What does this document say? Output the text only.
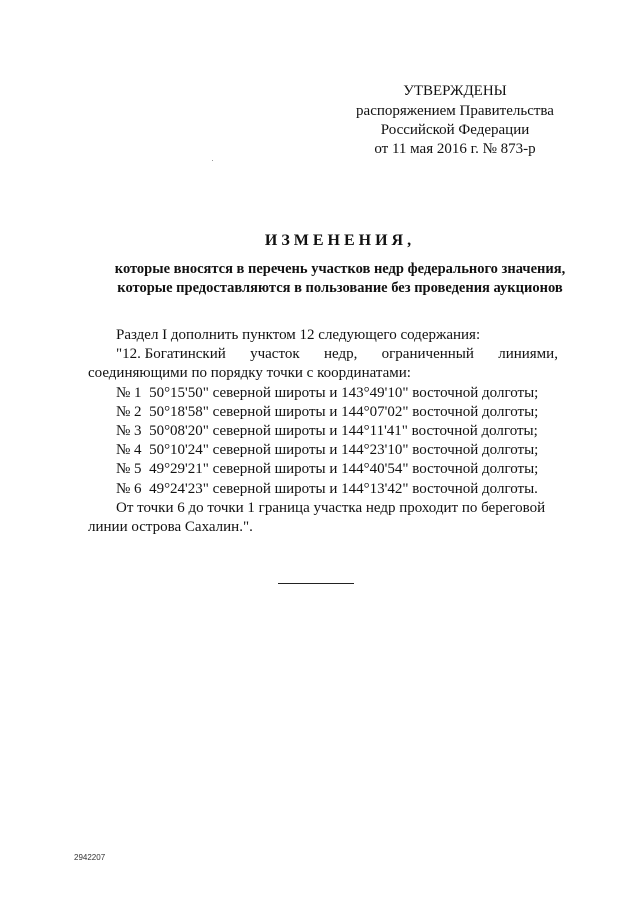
УТВЕРЖДЕНЫ
распоряжением Правительства
Российской Федерации
от 11 мая 2016 г. № 873-р
ИЗМЕНЕНИЯ,
которые вносятся в перечень участков недр федерального значения,
которые предоставляются в пользование без проведения аукционов
Раздел I дополнить пунктом 12 следующего содержания:
"12. Богатинский участок недр, ограниченный линиями,
соединяющими по порядку точки с координатами:
№ 1 50°15'50" северной широты и 143°49'10" восточной долготы;
№ 2 50°18'58" северной широты и 144°07'02" восточной долготы;
№ 3 50°08'20" северной широты и 144°11'41" восточной долготы;
№ 4 50°10'24" северной широты и 144°23'10" восточной долготы;
№ 5 49°29'21" северной широты и 144°40'54" восточной долготы;
№ 6 49°24'23" северной широты и 144°13'42" восточной долготы.
От точки 6 до точки 1 граница участка недр проходит по береговой
линии острова Сахалин.".
2942207
